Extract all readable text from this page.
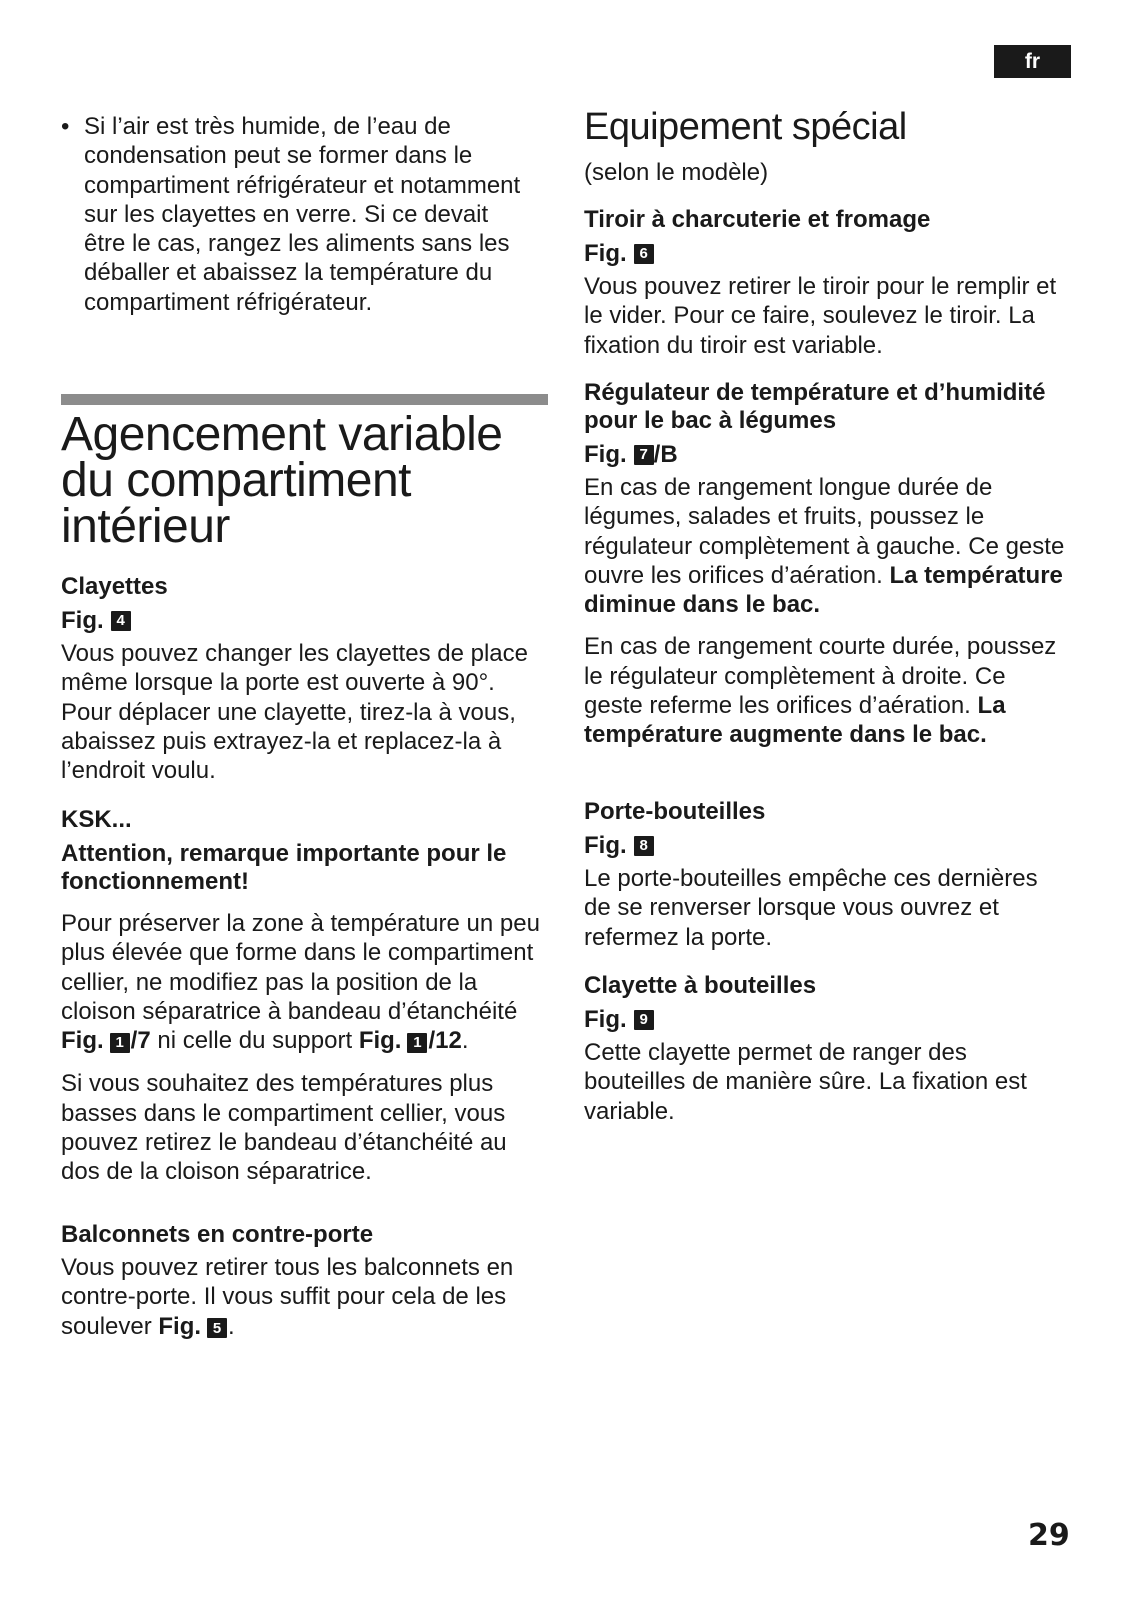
fr
• Si l’air est très humide, de l’eau de condensation peut se former dans le compartiment réfrigérateur et notamment sur les clayettes en verre. Si ce devait être le cas, rangez les aliments sans les déballer et abaissez la température du compartiment réfrigérateur.

Agencement variable
du compartiment
intérieur

Clayettes

Fig. 4

Vous pouvez changer les clayettes de place même lorsque la porte est ouverte à 90°. Pour déplacer une clayette, tirez-la à vous, abaissez puis extrayez-la et replacez-la à l’endroit voulu.

KSK...

Attention, remarque importante pour le fonctionnement!

Pour préserver la zone à température un peu plus élevée que forme dans le compartiment cellier, ne modifiez pas la position de la cloison séparatrice à bandeau d’étanchéité Fig. 1 /7 ni celle du support Fig. 1 /12.

Si vous souhaitez des températures plus basses dans le compartiment cellier, vous pouvez retirez le bandeau d’étanchéité au dos de la cloison séparatrice.

Balconnets en contre-porte

Vous pouvez retirer tous les balconnets en contre-porte. Il vous suffit pour cela de les soulever Fig. 5 .

Equipement spécial

(selon le modèle)

Tiroir à charcuterie et fromage

Fig. 6

Vous pouvez retirer le tiroir pour le remplir et le vider. Pour ce faire, soulevez le tiroir. La fixation du tiroir est variable.

Régulateur de température et d’humidité pour le bac à légumes

Fig. 7 /B

En cas de rangement longue durée de légumes, salades et fruits, poussez le régulateur complètement à gauche. Ce geste ouvre les orifices d’aération. La température diminue dans le bac.

En cas de rangement courte durée, poussez le régulateur complètement à droite. Ce geste referme les orifices d’aération. La température augmente dans le bac.

Porte-bouteilles

Fig. 8

Le porte-bouteilles empêche ces dernières de se renverser lorsque vous ouvrez et refermez la porte.

Clayette à bouteilles

Fig. 9

Cette clayette permet de ranger des bouteilles de manière sûre. La fixation est variable.

29
